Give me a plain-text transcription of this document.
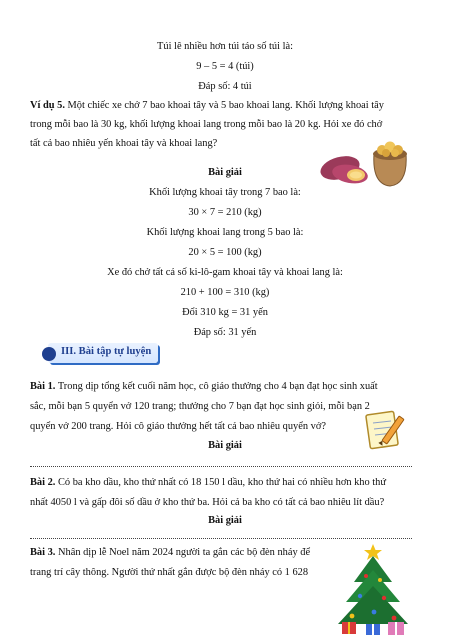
Túi lê nhiều hơn túi táo số túi là:
9 – 5 = 4 (túi)
Đáp số: 4 túi
Ví dụ 5. Một chiếc xe chở 7 bao khoai tây và 5 bao khoai lang. Khối lượng khoai tây
trong mỗi bao là 30 kg, khối lượng khoai lang trong mỗi bao là 20 kg. Hỏi xe đó chở
tất cả bao nhiêu yến khoai tây và khoai lang?
Bài giải
Khối lượng khoai tây trong 7 bao là:
30 × 7 = 210 (kg)
Khối lượng khoai lang trong 5 bao là:
20 × 5 = 100 (kg)
Xe đó chở tất cả số ki-lô-gam khoai tây và khoai lang là:
210 + 100 = 310 (kg)
Đổi 310 kg = 31 yến
Đáp số: 31 yến
III. Bài tập tự luyện
Bài 1. Trong dịp tổng kết cuối năm học, cô giáo thưởng cho 4 bạn đạt học sinh xuất
sắc, mỗi bạn 5 quyển vở 120 trang; thưởng cho 7 bạn đạt học sinh giỏi, mỗi bạn 2
quyển vở 200 trang. Hỏi cô giáo thưởng hết tất cả bao nhiêu quyển vở?
Bài giải
Bài 2. Có ba kho dầu, kho thứ nhất có 18 150 l dầu, kho thứ hai có nhiều hơn kho thứ
nhất 4050 l và gấp đôi số dầu ở kho thứ ba. Hỏi cả ba kho có tất cả bao nhiêu lít dầu?
Bài giải
Bài 3. Nhân dịp lễ Noel năm 2024 người ta gắn các bộ đèn nháy để
trang trí cây thông. Người thứ nhất gắn được bộ đèn nháy có 1 628
